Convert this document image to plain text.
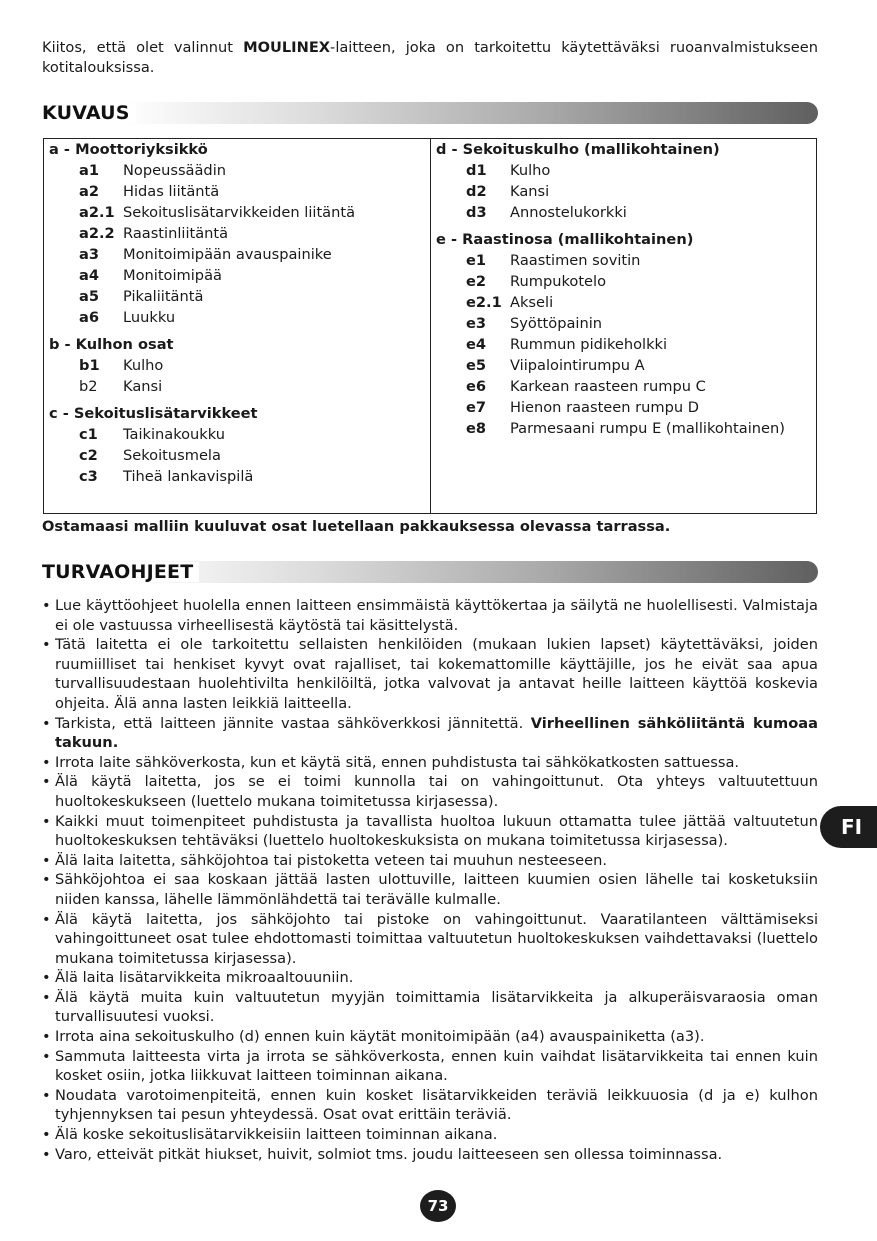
Kiitos, että olet valinnut MOULINEX-laitteen, joka on tarkoitettu käytettäväksi ruoanvalmistukseen kotitalouksissa.
KUVAUS
a - Moottoriyksikkö
a1	Nopeussäädin
a2	Hidas liitäntä
a2.1 Sekoituslisätarvikkeiden liitäntä
a2.2 Raastinliitäntä
a3	Monitoimipään avauspainike
a4	Monitoimipää
a5	Pikaliitäntä
a6	Luukku
b - Kulhon osat
b1	Kulho
b2	Kansi
c - Sekoituslisätarvikkeet
c1	Taikinakoukku
c2	Sekoitusmela
c3	Tiheä lankavispilä
d - Sekoituskulho (mallikohtainen)
d1	Kulho
d2	Kansi
d3	Annostelukorkki
e - Raastinosa (mallikohtainen)
e1	Raastimen sovitin
e2	Rumpukotelo
e2.1 Akseli
e3	Syöttöpainin
e4	Rummun pidikeholkki
e5	Viipalointirumpu A
e6	Karkean raasteen rumpu C
e7	Hienon raasteen rumpu D
e8	Parmesaani rumpu E (mallikohtainen)
Ostamaasi malliin kuuluvat osat luetellaan pakkauksessa olevassa tarrassa.
TURVAOHJEET
• Lue käyttöohjeet huolella ennen laitteen ensimmäistä käyttökertaa ja säilytä ne huolellisesti. Valmistaja ei ole vastuussa virheellisestä käytöstä tai käsittelystä.
• Tätä laitetta ei ole tarkoitettu sellaisten henkilöiden (mukaan lukien lapset) käytettäväksi, joiden ruumiilliset tai henkiset kyvyt ovat rajalliset, tai kokemattomille käyttäjille, jos he eivät saa apua turvallisuudestaan huolehtivilta henkilöiltä, jotka valvovat ja antavat heille laitteen käyttöä koskevia ohjeita. Älä anna lasten leikkiä laitteella.
• Tarkista, että laitteen jännite vastaa sähköverkkosi jännitettä. Virheellinen sähköliitäntä kumoaa takuun.
• Irrota laite sähköverkosta, kun et käytä sitä, ennen puhdistusta tai sähkökatkosten sattuessa.
• Älä käytä laitetta, jos se ei toimi kunnolla tai on vahingoittunut. Ota yhteys valtuutettuun huoltokeskukseen (luettelo mukana toimitetussa kirjasessa).
• Kaikki muut toimenpiteet puhdistusta ja tavallista huoltoa lukuun ottamatta tulee jättää valtuutetun huoltokeskuksen tehtäväksi (luettelo huoltokeskuksista on mukana toimitetussa kirjasessa).
• Älä laita laitetta, sähköjohtoa tai pistoketta veteen tai muuhun nesteeseen.
• Sähköjohtoa ei saa koskaan jättää lasten ulottuville, laitteen kuumien osien lähelle tai kosketuksiin niiden kanssa, lähelle lämmönlähdettä tai terävälle kulmalle.
• Älä käytä laitetta, jos sähköjohto tai pistoke on vahingoittunut. Vaaratilanteen välttämiseksi vahingoittuneet osat tulee ehdottomasti toimittaa valtuutetun huoltokeskuksen vaihdettavaksi (luettelo mukana toimitetussa kirjasessa).
• Älä laita lisätarvikkeita mikroaaltouuniin.
• Älä käytä muita kuin valtuutetun myyjän toimittamia lisätarvikkeita ja alkuperäisvaraosia oman turvallisuutesi vuoksi.
• Irrota aina sekoituskulho (d) ennen kuin käytät monitoimipään (a4) avauspainiketta (a3).
• Sammuta laitteesta virta ja irrota se sähköverkosta, ennen kuin vaihdat lisätarvikkeita tai ennen kuin kosket osiin, jotka liikkuvat laitteen toiminnan aikana.
• Noudata varotoimenpiteitä, ennen kuin kosket lisätarvikkeiden teräviä leikkuuosia (d ja e) kulhon tyhjennyksen tai pesun yhteydessä. Osat ovat erittäin teräviä.
• Älä koske sekoituslisätarvikkeisiin laitteen toiminnan aikana.
• Varo, etteivät pitkät hiukset, huivit, solmiot tms. joudu laitteeseen sen ollessa toiminnassa.
FI
73
